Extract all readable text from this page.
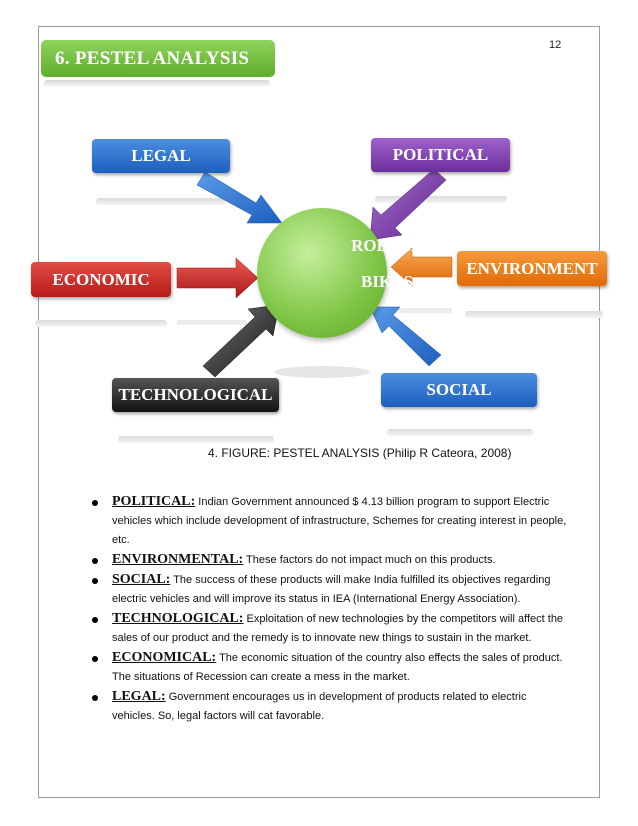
12
6. PESTEL ANALYSIS
ROLLER
BIKES
LEGAL	POLITICAL
ECONOMIC
ENVIRONMENT
TECHNOLOGICAL	SOCIAL
4. FIGURE: PESTEL ANALYSIS (Philip R Cateora, 2008)
POLITICAL: Indian Government announced $ 4.13 billion program to support Electric vehicles which include development of infrastructure, Schemes for creating interest in people, etc.
ENVIRONMENTAL: These factors do not impact much on this products.
SOCIAL: The success of these products will make India fulfilled its objectives regarding electric vehicles and will improve its status in IEA (International Energy Association).
TECHNOLOGICAL: Exploitation of new technologies by the competitors will affect the sales of our product and the remedy is to innovate new things to sustain in the market.
ECONOMICAL: The economic situation of the country also effects the sales of product. The situations of Recession can create a mess in the market.
LEGAL: Government encourages us in development of products related to electric vehicles. So, legal factors will cat favorable.
